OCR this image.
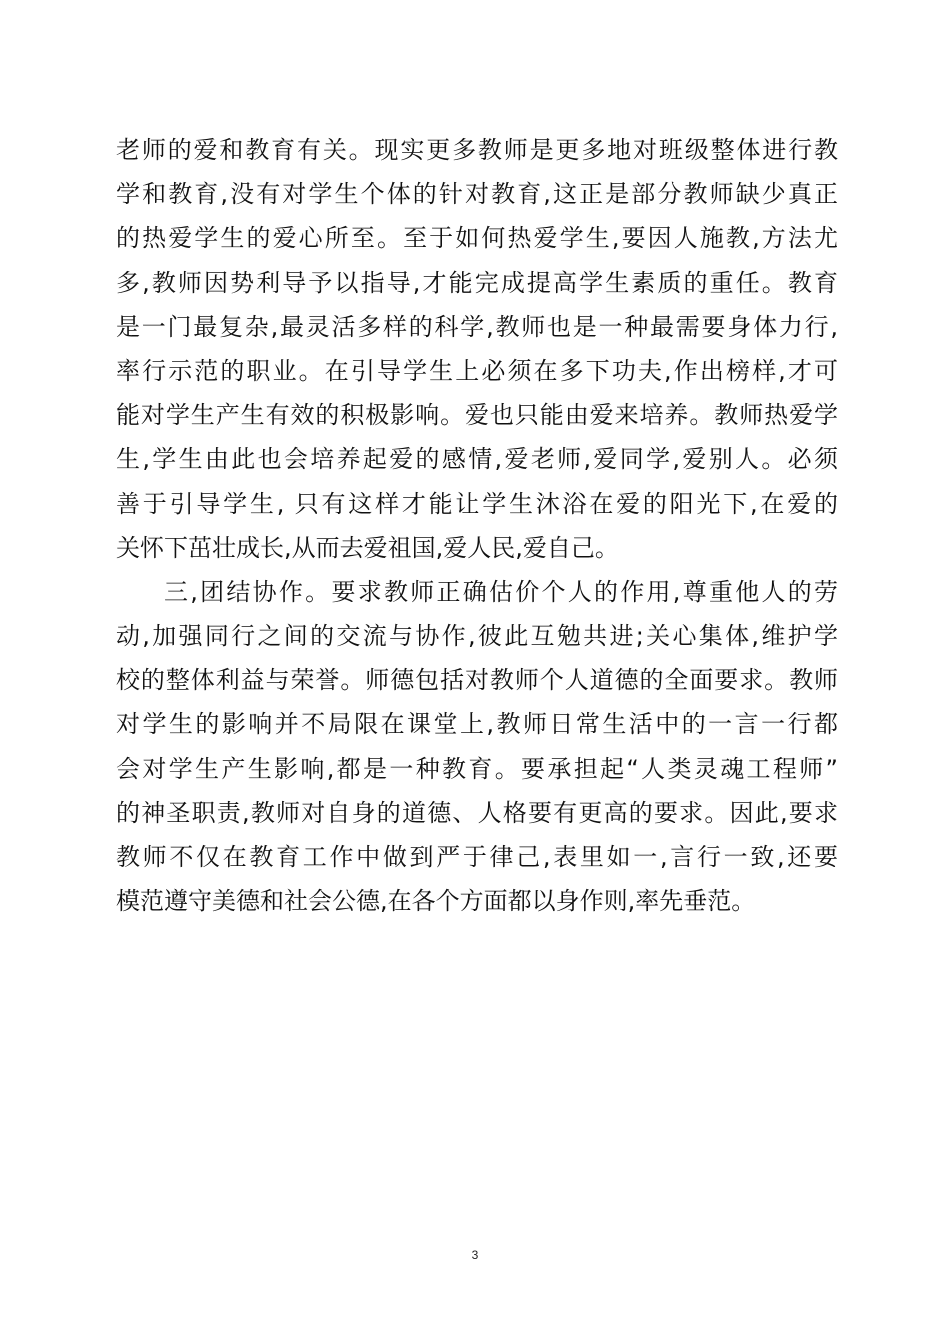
老师的爱和教育有关。现实更多教师是更多地对班级整体进行教
学和教育,没有对学生个体的针对教育,这正是部分教师缺少真正
的热爱学生的爱心所至。至于如何热爱学生,要因人施教,方法尤
多,教师因势利导予以指导,才能完成提高学生素质的重任。教育
是一门最复杂,最灵活多样的科学,教师也是一种最需要身体力行,
率行示范的职业。在引导学生上必须在多下功夫,作出榜样,才可
能对学生产生有效的积极影响。爱也只能由爱来培养。教师热爱学
生,学生由此也会培养起爱的感情,爱老师,爱同学,爱别人。必须
善于引导学生, 只有这样才能让学生沐浴在爱的阳光下,在爱的
关怀下茁壮成长,从而去爱祖国,爱人民,爱自己。
三,团结协作。要求教师正确估价个人的作用,尊重他人的劳
动,加强同行之间的交流与协作,彼此互勉共进;关心集体,维护学
校的整体利益与荣誉。师德包括对教师个人道德的全面要求。教师
对学生的影响并不局限在课堂上,教师日常生活中的一言一行都
会对学生产生影响,都是一种教育。要承担起“人类灵魂工程师”
的神圣职责,教师对自身的道德、人格要有更高的要求。因此,要求
教师不仅在教育工作中做到严于律己,表里如一,言行一致,还要
模范遵守美德和社会公德,在各个方面都以身作则,率先垂范。
3
